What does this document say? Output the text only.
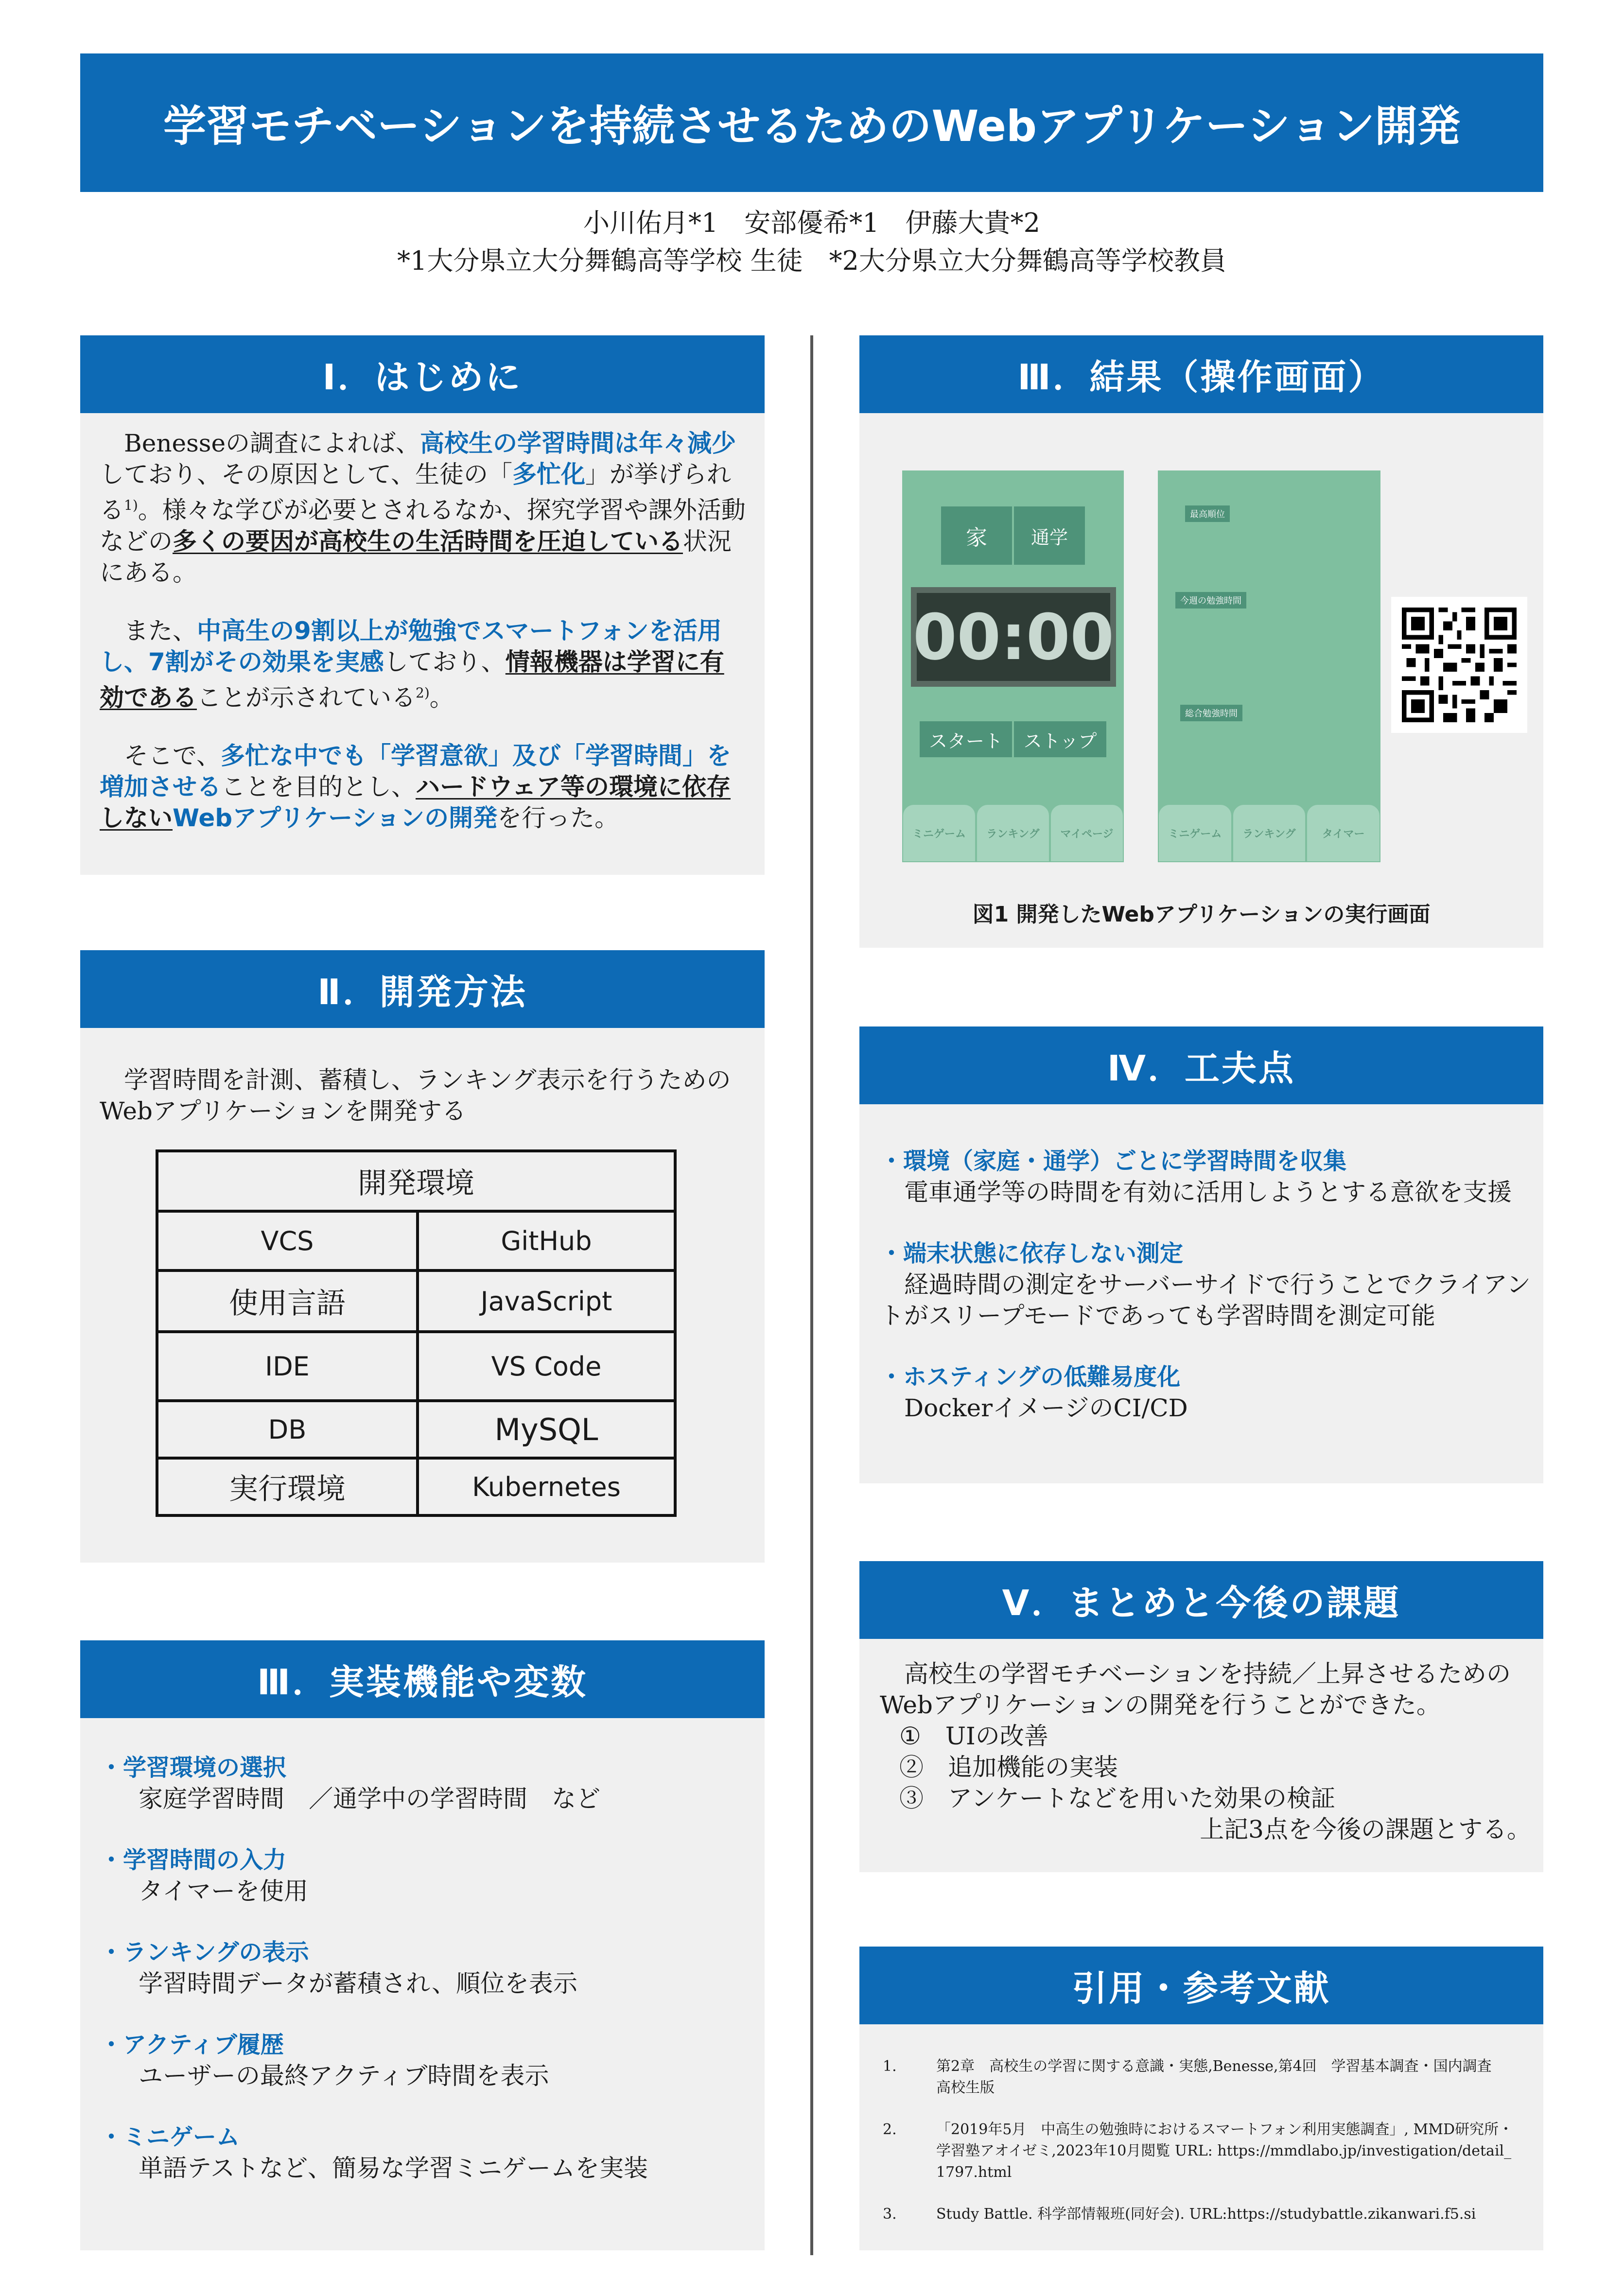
学習モチベーションを持続させるためのWebアプリケーション開発
小川佑月*1　安部優希*1　伊藤大貴*2
*1大分県立大分舞鶴高等学校 生徒　*2大分県立大分舞鶴高等学校教員
Ⅰ．はじめに

Benesseの調査によれば、高校生の学習時間は年々減少しており、その原因として、生徒の「多忙化」が挙げられる$^{1)}$。様々な学びが必要とされるなか、探究学習や課外活動などの多くの要因が高校生の生活時間を圧迫している状況にある。

また、中高生の9割以上が勉強でスマートフォンを活用し、7割がその効果を実感しており、情報機器は学習に有効であることが示されている$^{2)}$。

そこで、多忙な中でも「学習意欲」及び「学習時間」を増加させることを目的とし、ハードウェア等の環境に依存しないWebアプリケーションの開発を行った。

Ⅱ．開発方法
学習時間を計測、蓄積し、ランキング表示を行うためのWebアプリケーションを開発する
開発環境	
VCS	GitHub
使用言語	JavaScript
IDE	VS Code
DB	MySQL
実行環境	Kubernetes
Ⅲ．実装機能や変数
・学習環境の選択
家庭学習時間　／通学中の学習時間　など
・学習時間の入力
タイマーを使用
・ランキングの表示
学習時間データが蓄積され、順位を表示
・アクティブ履歴
ユーザーの最終アクティブ時間を表示
・ミニゲーム
単語テストなど、簡易な学習ミニゲームを実装
Ⅲ．結果（操作画面）
家	通学
00:00
スタート	ストップ
ミニゲーム	ランキング	マイページ
最高順位
今週の勉強時間
総合勉強時間
ミニゲーム	ランキング	タイマー
図1 開発したWebアプリケーションの実行画面
Ⅳ．工夫点
・環境（家庭・通学）ごとに学習時間を収集
電車通学等の時間を有効に活用しようとする意欲を支援
・端末状態に依存しない測定
経過時間の測定をサーバーサイドで行うことでクライアントがスリープモードであっても学習時間を測定可能
・ホスティングの低難易度化
DockerイメージのCI/CD
Ⅴ．まとめと今後の課題
高校生の学習モチベーションを持続／上昇させるためのWebアプリケーションの開発を行うことができた。
①　UIの改善
②　追加機能の実装
③　アンケートなどを用いた効果の検証
上記3点を今後の課題とする。
引用・参考文献
1.	第2章　高校生の学習に関する意識・実態,Benesse,第4回　学習基本調査・国内調査　高校生版
2.	「2019年5月　中高生の勉強時におけるスマートフォン利用実態調査」, MMD研究所・学習塾アオイゼミ,2023年10月閲覧 URL: https://mmdlabo.jp/investigation/detail_1797.html
3.	Study Battle. 科学部情報班(同好会). URL:https://studybattle.zikanwari.f5.si
